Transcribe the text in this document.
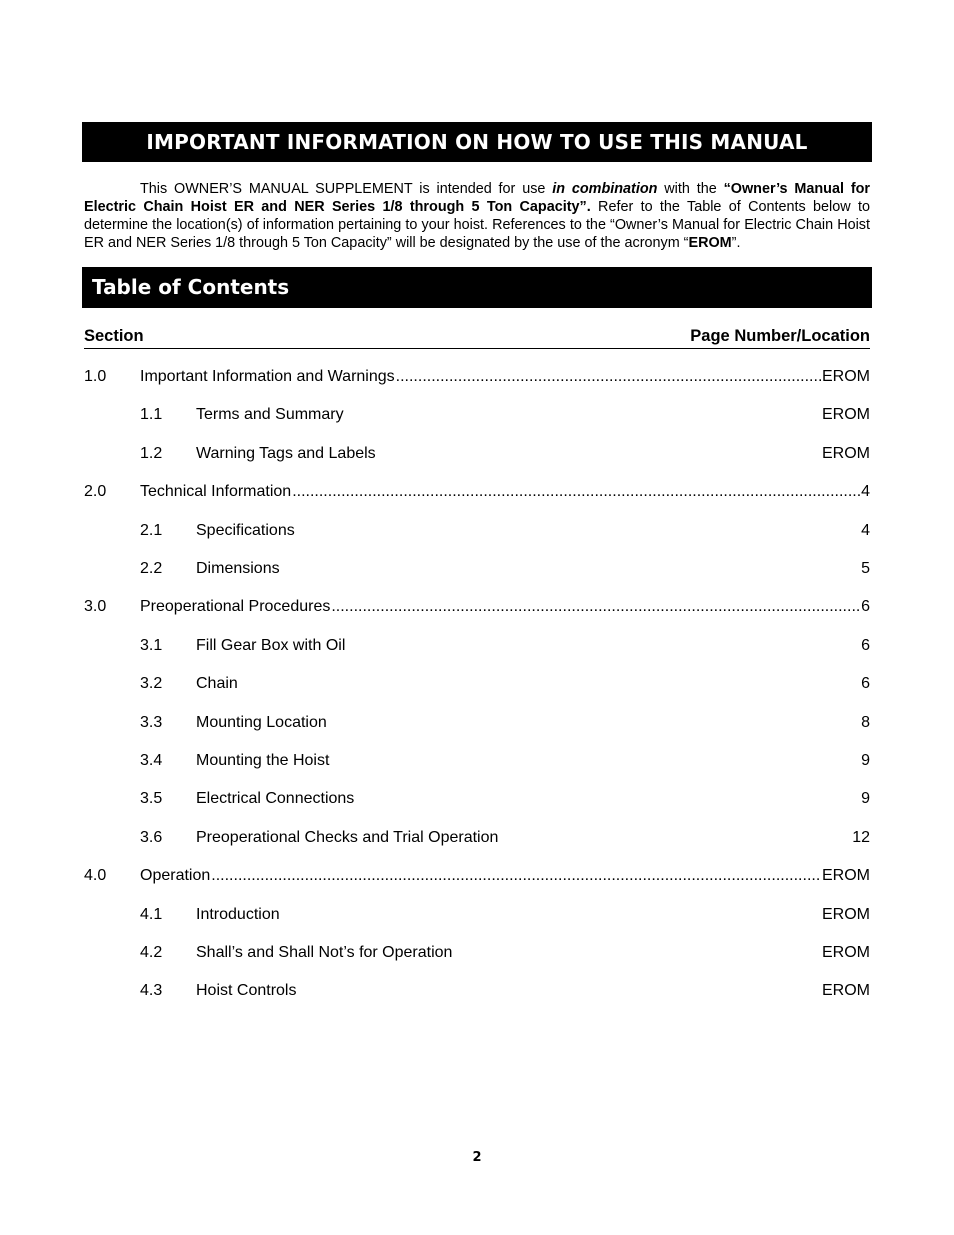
IMPORTANT INFORMATION ON HOW TO USE THIS MANUAL

This OWNER’S MANUAL SUPPLEMENT is intended for use in combination with the “Owner’s Manual for Electric Chain Hoist ER and NER Series 1/8 through 5 Ton Capacity”. Refer to the Table of Contents below to determine the location(s) of information pertaining to your hoist. References to the “Owner’s Manual for Electric Chain Hoist ER and NER Series 1/8 through 5 Ton Capacity” will be designated by the use of the acronym “EROM”.

Table of Contents
Section	Page Number/Location
1.0 Important Information and Warnings .....	EROM
1.1 Terms and Summary	EROM
1.2 Warning Tags and Labels	EROM
2.0 Technical Information .....	4
2.1 Specifications	4
2.2 Dimensions	5
3.0 Preoperational Procedures .....	6
3.1 Fill Gear Box with Oil	6
3.2 Chain	6
3.3 Mounting Location	8
3.4 Mounting the Hoist	9
3.5 Electrical Connections	9
3.6 Preoperational Checks and Trial Operation	12
4.0 Operation .....	EROM
4.1 Introduction	EROM
4.2 Shall’s and Shall Not’s for Operation	EROM
4.3 Hoist Controls	EROM
2
